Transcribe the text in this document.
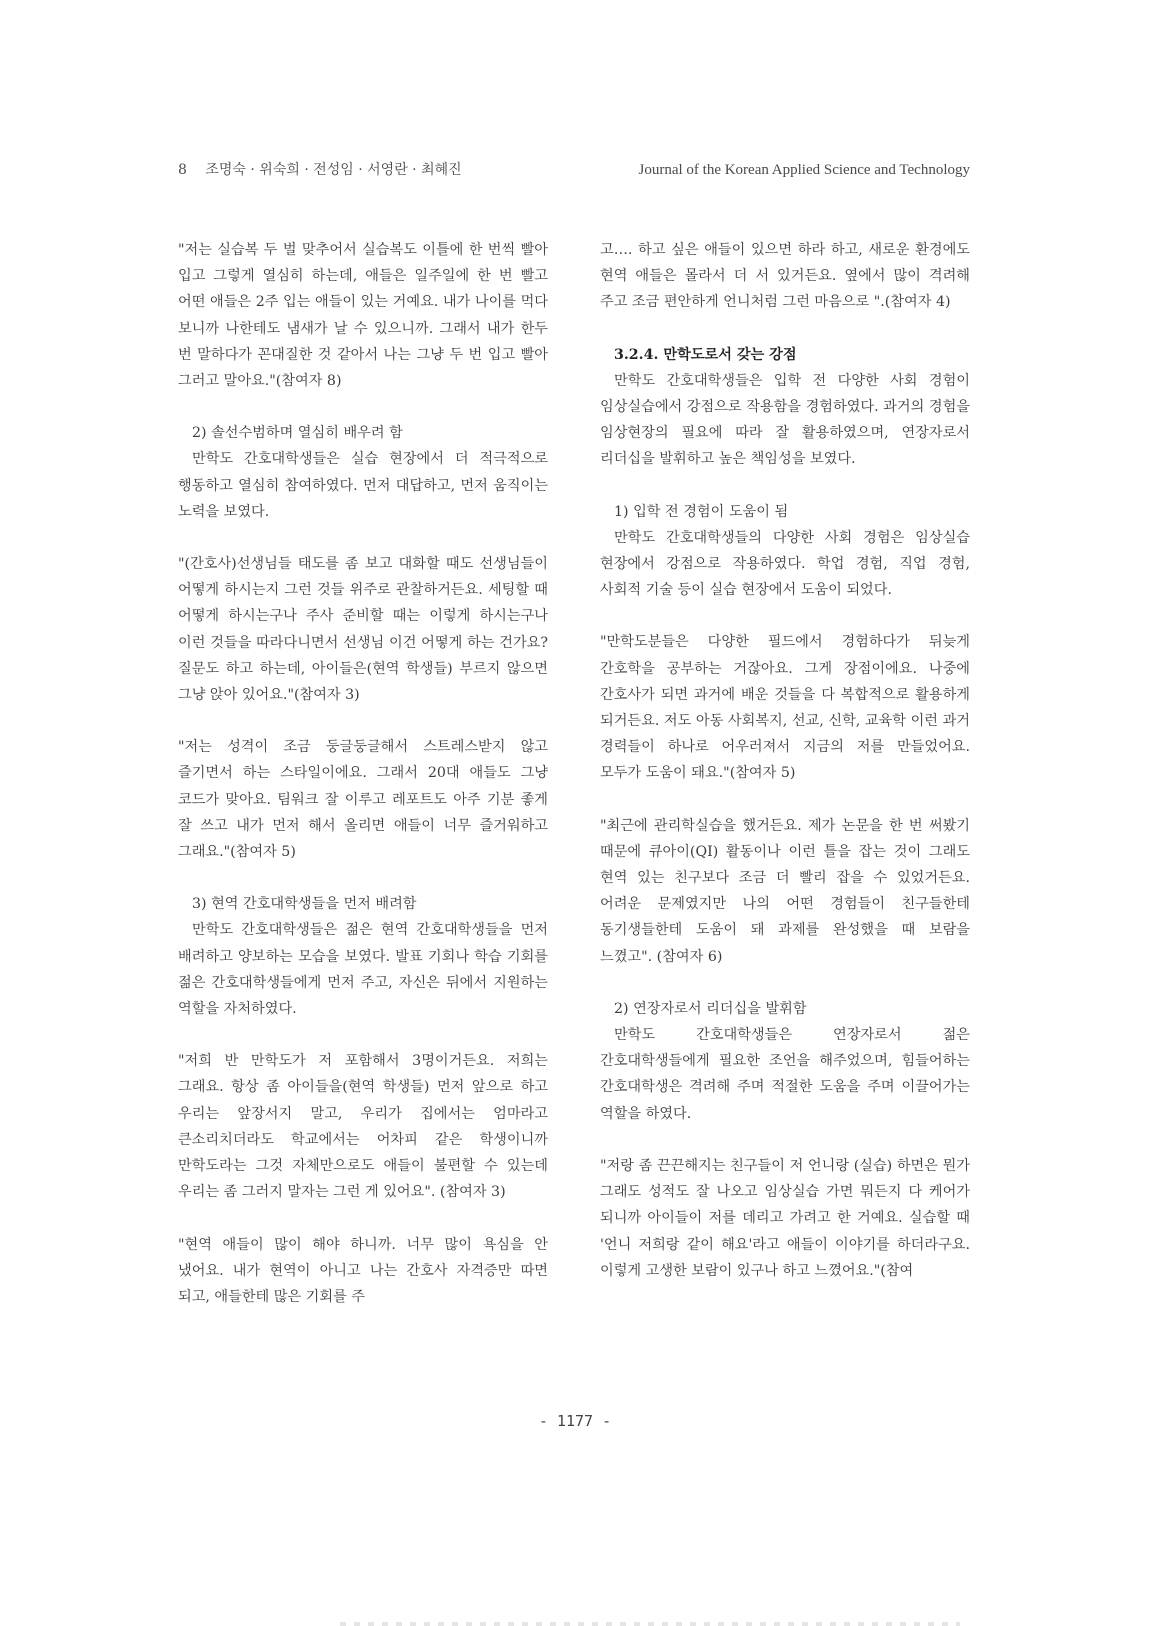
8 조명숙 · 위숙희 · 전성임 · 서영란 · 최혜진	Journal of the Korean Applied Science and Technology

"저는 실습복 두 벌 맞추어서 실습복도 이틀에 한 번씩 빨아 입고 그렇게 열심히 하는데, 애들은 일주일에 한 번 빨고 어떤 애들은 2주 입는 애들이 있는 거예요. 내가 나이를 먹다 보니까 나한테도 냄새가 날 수 있으니까. 그래서 내가 한두 번 말하다가 꼰대질한 것 같아서 나는 그냥 두 번 입고 빨아 그러고 말아요."(참여자 8)

2) 솔선수범하며 열심히 배우려 함

만학도 간호대학생들은 실습 현장에서 더 적극적으로 행동하고 열심히 참여하였다. 먼저 대답하고, 먼저 움직이는 노력을 보였다.

"(간호사)선생님들 태도를 좀 보고 대화할 때도 선생님들이 어떻게 하시는지 그런 것들 위주로 관찰하거든요. 세팅할 때 어떻게 하시는구나 주사 준비할 때는 이렇게 하시는구나 이런 것들을 따라다니면서 선생님 이건 어떻게 하는 건가요? 질문도 하고 하는데, 아이들은(현역 학생들) 부르지 않으면 그냥 앉아 있어요."(참여자 3)

"저는 성격이 조금 둥글둥글해서 스트레스받지 않고 즐기면서 하는 스타일이에요. 그래서 20대 애들도 그냥 코드가 맞아요. 팀워크 잘 이루고 레포트도 아주 기분 좋게 잘 쓰고 내가 먼저 해서 올리면 애들이 너무 즐거워하고 그래요."(참여자 5)

3) 현역 간호대학생들을 먼저 배려함

만학도 간호대학생들은 젊은 현역 간호대학생들을 먼저 배려하고 양보하는 모습을 보였다. 발표 기회나 학습 기회를 젊은 간호대학생들에게 먼저 주고, 자신은 뒤에서 지원하는 역할을 자처하였다.

"저희 반 만학도가 저 포함해서 3명이거든요. 저희는 그래요. 항상 좀 아이들을(현역 학생들) 먼저 앞으로 하고 우리는 앞장서지 말고, 우리가 집에서는 엄마라고 큰소리치더라도 학교에서는 어차피 같은 학생이니까 만학도라는 그것 자체만으로도 애들이 불편할 수 있는데 우리는 좀 그러지 말자는 그런 게 있어요". (참여자 3)

"현역 애들이 많이 해야 하니까. 너무 많이 욕심을 안 냈어요. 내가 현역이 아니고 나는 간호사 자격증만 따면 되고, 애들한테 많은 기회를 주

고…. 하고 싶은 애들이 있으면 하라 하고, 새로운 환경에도 현역 애들은 몰라서 더 서 있거든요. 옆에서 많이 격려해 주고 조금 편안하게 언니처럼 그런 마음으로 ".(참여자 4)

3.2.4. 만학도로서 갖는 강점

만학도 간호대학생들은 입학 전 다양한 사회 경험이 임상실습에서 강점으로 작용함을 경험하였다. 과거의 경험을 임상현장의 필요에 따라 잘 활용하였으며, 연장자로서 리더십을 발휘하고 높은 책임성을 보였다.

1) 입학 전 경험이 도움이 됨

만학도 간호대학생들의 다양한 사회 경험은 임상실습 현장에서 강점으로 작용하였다. 학업 경험, 직업 경험, 사회적 기술 등이 실습 현장에서 도움이 되었다.

"만학도분들은 다양한 필드에서 경험하다가 뒤늦게 간호학을 공부하는 거잖아요. 그게 장점이에요. 나중에 간호사가 되면 과거에 배운 것들을 다 복합적으로 활용하게 되거든요. 저도 아동 사회복지, 선교, 신학, 교육학 이런 과거 경력들이 하나로 어우러져서 지금의 저를 만들었어요. 모두가 도움이 돼요."(참여자 5)

"최근에 관리학실습을 했거든요. 제가 논문을 한 번 써봤기 때문에 큐아이(QI) 활동이나 이런 틀을 잡는 것이 그래도 현역 있는 친구보다 조금 더 빨리 잡을 수 있었거든요. 어려운 문제였지만 나의 어떤 경험들이 친구들한테 동기생들한테 도움이 돼 과제를 완성했을 때 보람을 느꼈고". (참여자 6)

2) 연장자로서 리더십을 발휘함

만학도 간호대학생들은 연장자로서 젊은 간호대학생들에게 필요한 조언을 해주었으며, 힘들어하는 간호대학생은 격려해 주며 적절한 도움을 주며 이끌어가는 역할을 하였다.

"저랑 좀 끈끈해지는 친구들이 저 언니랑 (실습) 하면은 뭔가 그래도 성적도 잘 나오고 임상실습 가면 뭐든지 다 케어가 되니까 아이들이 저를 데리고 가려고 한 거예요. 실습할 때 '언니 저희랑 같이 해요'라고 애들이 이야기를 하더라구요. 이렇게 고생한 보람이 있구나 하고 느꼈어요."(참여

- 1177 -
